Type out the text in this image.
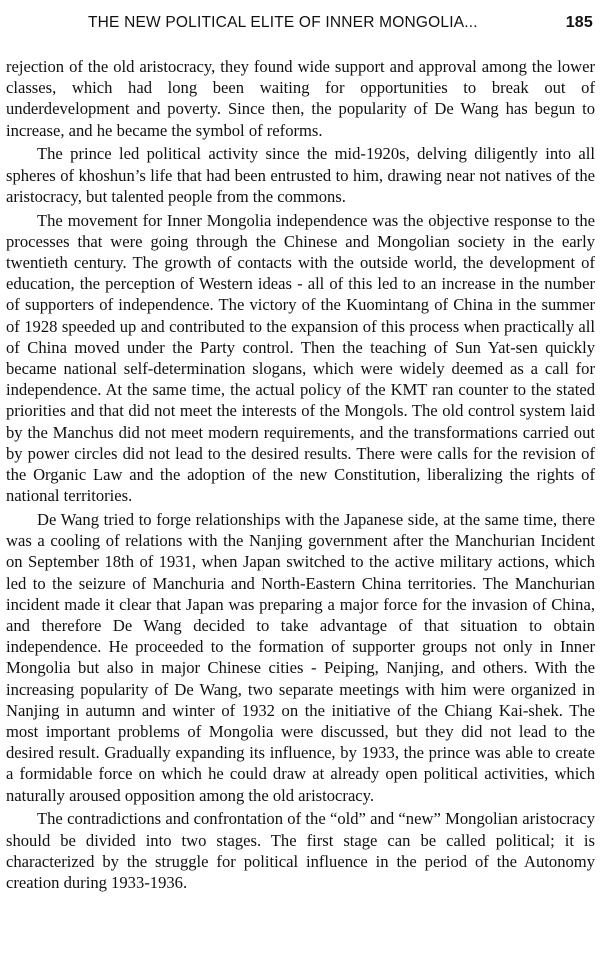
THE NEW POLITICAL ELITE OF INNER MONGOLIA...	185

rejection of the old aristocracy, they found wide support and approval among the lower classes, which had long been waiting for opportunities to break out of underdevelopment and poverty. Since then, the popularity of De Wang has begun to increase, and he became the symbol of reforms.

The prince led political activity since the mid-1920s, delving diligently into all spheres of khoshun’s life that had been entrusted to him, drawing near not natives of the aristocracy, but talented people from the commons.

The movement for Inner Mongolia independence was the objective response to the processes that were going through the Chinese and Mongolian society in the early twentieth century. The growth of contacts with the outside world, the development of education, the perception of Western ideas - all of this led to an increase in the number of supporters of independence. The victory of the Kuomintang of China in the summer of 1928 speeded up and contributed to the expansion of this process when practically all of China moved under the Party control. Then the teaching of Sun Yat-sen quickly became national self-determination slogans, which were widely deemed as a call for independence. At the same time, the actual policy of the KMT ran counter to the stated priorities and that did not meet the interests of the Mongols. The old control system laid by the Manchus did not meet modern requirements, and the transformations carried out by power circles did not lead to the desired results. There were calls for the revision of the Organic Law and the adoption of the new Constitution, liberalizing the rights of national territories.

De Wang tried to forge relationships with the Japanese side, at the same time, there was a cooling of relations with the Nanjing government after the Manchurian Incident on September 18th of 1931, when Japan switched to the active military actions, which led to the seizure of Manchuria and North-Eastern China territories. The Manchurian incident made it clear that Japan was preparing a major force for the invasion of China, and therefore De Wang decided to take advantage of that situation to obtain independence. He proceeded to the formation of supporter groups not only in Inner Mongolia but also in major Chinese cities - Peiping, Nanjing, and others. With the increasing popularity of De Wang, two separate meetings with him were organized in Nanjing in autumn and winter of 1932 on the initiative of the Chiang Kai-shek. The most important problems of Mongolia were discussed, but they did not lead to the desired result. Gradually expanding its influence, by 1933, the prince was able to create a formidable force on which he could draw at already open political activities, which naturally aroused opposition among the old aristocracy.

The contradictions and confrontation of the “old” and “new” Mongolian aristocracy should be divided into two stages. The first stage can be called political; it is characterized by the struggle for political influence in the period of the Autonomy creation during 1933-1936.
